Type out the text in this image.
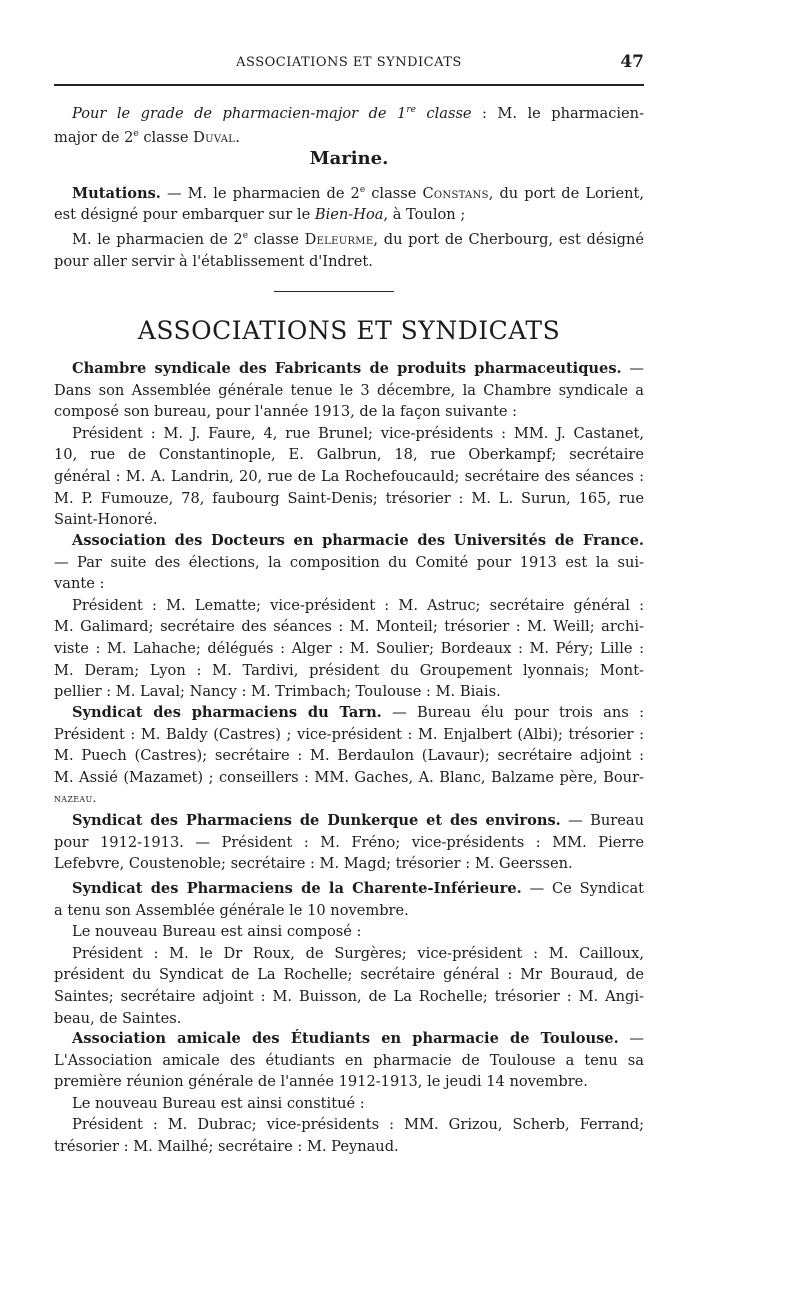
ASSOCIATIONS ET SYNDICATS	47
Pour le grade de pharmacien-major de 1re classe : M. le pharmacien-
major de 2e classe Duval.
Marine.
Mutations. — M. le pharmacien de 2e classe Constans, du port de Lorient,
est désigné pour embarquer sur le Bien-Hoa, à Toulon ;
M. le pharmacien de 2e classe Deleurme, du port de Cherbourg, est désigné
pour aller servir à l'établissement d'Indret.
ASSOCIATIONS ET SYNDICATS
Chambre syndicale des Fabricants de produits pharmaceutiques. —
Dans son Assemblée générale tenue le 3 décembre, la Chambre syndicale a
composé son bureau, pour l'année 1913, de la façon suivante :
Président : M. J. Faure, 4, rue Brunel; vice-présidents : MM. J. Castanet,
10, rue de Constantinople, E. Galbrun, 18, rue Oberkampf; secrétaire
général : M. A. Landrin, 20, rue de La Rochefoucauld; secrétaire des séances :
M. P. Fumouze, 78, faubourg Saint-Denis; trésorier : M. L. Surun, 165, rue
Saint-Honoré.
Association des Docteurs en pharmacie des Universités de France.
— Par suite des élections, la composition du Comité pour 1913 est la sui-
vante :
Président : M. Lematte; vice-président : M. Astruc; secrétaire général :
M. Galimard; secrétaire des séances : M. Monteil; trésorier : M. Weill; archi-
viste : M. Lahache; délégués : Alger : M. Soulier; Bordeaux : M. Péry; Lille :
M. Deram; Lyon : M. Tardivi, président du Groupement lyonnais; Mont-
pellier : M. Laval; Nancy : M. Trimbach; Toulouse : M. Biais.
Syndicat des pharmaciens du Tarn. — Bureau élu pour trois ans :
Président : M. Baldy (Castres) ; vice-président : M. Enjalbert (Albi); trésorier :
M. Puech (Castres); secrétaire : M. Berdaulon (Lavaur); secrétaire adjoint :
M. Assié (Mazamet) ; conseillers : MM. Gaches, A. Blanc, Balzame père, Bour-
nazeau.
Syndicat des Pharmaciens de Dunkerque et des environs. — Bureau
pour 1912-1913. — Président : M. Fréno; vice-présidents : MM. Pierre
Lefebvre, Coustenoble; secrétaire : M. Magd; trésorier : M. Geerssen.
Syndicat des Pharmaciens de la Charente-Inférieure. — Ce Syndicat
a tenu son Assemblée générale le 10 novembre.
Le nouveau Bureau est ainsi composé :
Président : M. le Dr Roux, de Surgères; vice-président : M. Cailloux,
président du Syndicat de La Rochelle; secrétaire général : Mr Bouraud, de
Saintes; secrétaire adjoint : M. Buisson, de La Rochelle; trésorier : M. Angi-
beau, de Saintes.
Association amicale des Étudiants en pharmacie de Toulouse. —
L'Association amicale des étudiants en pharmacie de Toulouse a tenu sa
première réunion générale de l'année 1912-1913, le jeudi 14 novembre.
Le nouveau Bureau est ainsi constitué :
Président : M. Dubrac; vice-présidents : MM. Grizou, Scherb, Ferrand;
trésorier : M. Mailhé; secrétaire : M. Peynaud.
